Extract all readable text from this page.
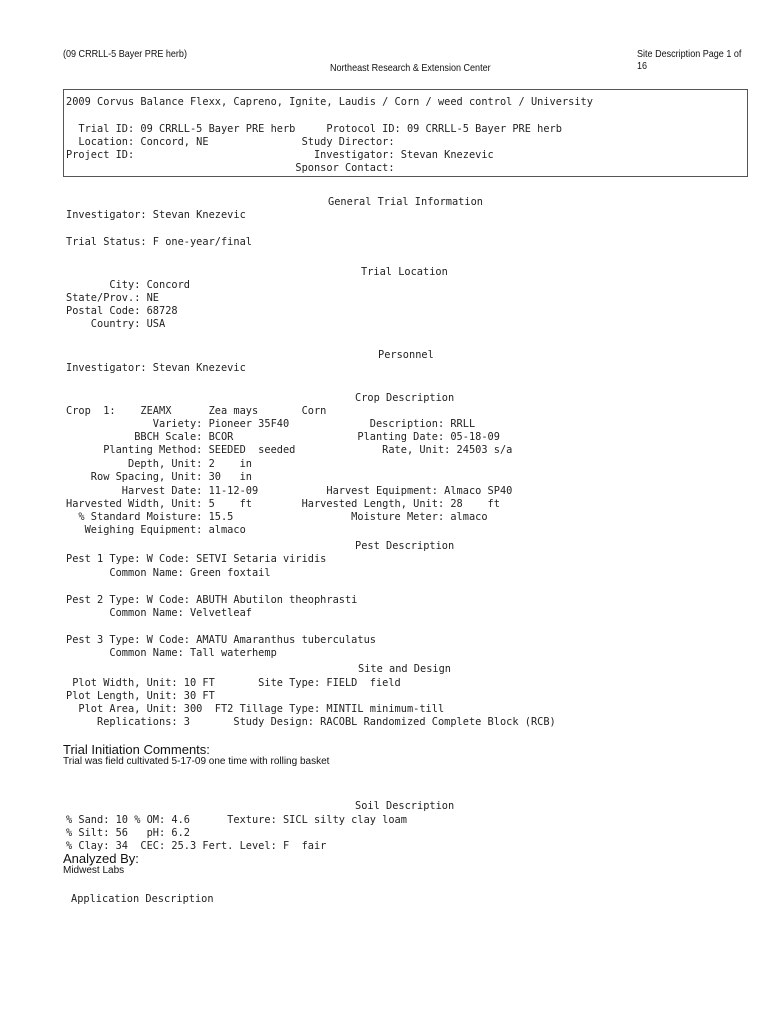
(09 CRRLL-5 Bayer PRE herb)	Site Description Page 1 of 16
Northeast Research & Extension Center
2009 Corvus Balance Flexx, Capreno, Ignite, Laudis / Corn / weed control / University
Trial ID: 09 CRRLL-5 Bayer PRE herb     Protocol ID: 09 CRRLL-5 Bayer PRE herb
Location: Concord, NE               Study Director:
Project ID:                             Investigator: Stevan Knezevic
Sponsor Contact:
General Trial Information
Investigator: Stevan Knezevic
Trial Status: F one-year/final
Trial Location
City: Concord
State/Prov.: NE
Postal Code: 68728
Country: USA
Personnel
Investigator: Stevan Knezevic
Crop Description
Crop  1:    ZEAMX      Zea mays       Corn
Variety: Pioneer 35F40             Description: RRLL
BBCH Scale: BCOR                    Planting Date: 05-18-09
Planting Method: SEEDED  seeded              Rate, Unit: 24503 s/a
Depth, Unit: 2    in
Row Spacing, Unit: 30   in
Harvest Date: 11-12-09           Harvest Equipment: Almaco SP40
Harvested Width, Unit: 5    ft        Harvested Length, Unit: 28    ft
% Standard Moisture: 15.5                   Moisture Meter: almaco
Weighing Equipment: almaco
Pest Description
Pest 1 Type: W Code: SETVI Setaria viridis
Common Name: Green foxtail
Pest 2 Type: W Code: ABUTH Abutilon theophrasti
Common Name: Velvetleaf
Pest 3 Type: W Code: AMATU Amaranthus tuberculatus
Common Name: Tall waterhemp
Site and Design
Plot Width, Unit: 10 FT       Site Type: FIELD  field
Plot Length, Unit: 30 FT
Plot Area, Unit: 300  FT2 Tillage Type: MINTIL minimum-till
Replications: 3       Study Design: RACOBL Randomized Complete Block (RCB)
Trial Initiation Comments:
Trial was field cultivated 5-17-09 one time with rolling basket
Soil Description
% Sand: 10 % OM: 4.6      Texture: SICL silty clay loam
% Silt: 56   pH: 6.2
% Clay: 34  CEC: 25.3 Fert. Level: F  fair
Analyzed By:
Midwest Labs
Application Description
